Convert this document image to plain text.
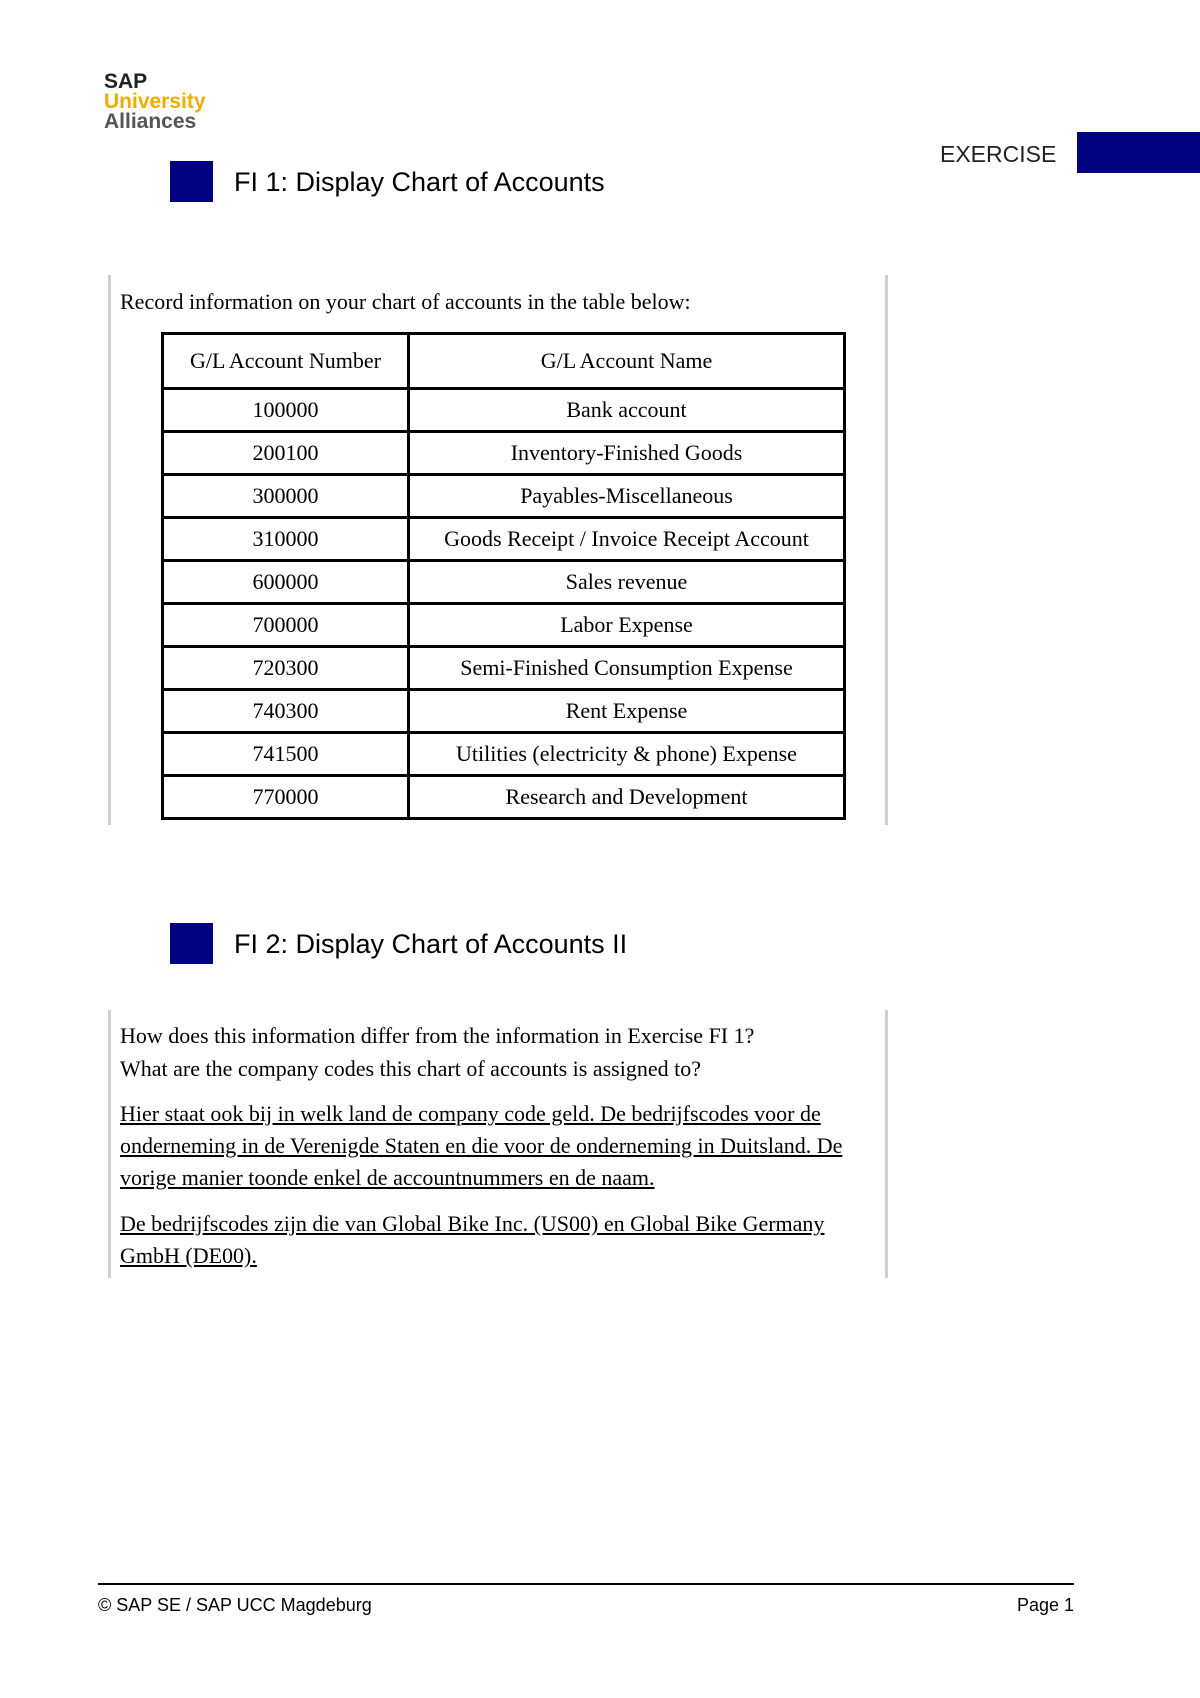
SAP
University
Alliances
EXERCISE
FI 1: Display Chart of Accounts
Record information on your chart of accounts in the table below:
G/L Account Number	G/L Account Name
100000	Bank account
200100	Inventory-Finished Goods
300000	Payables-Miscellaneous
310000	Goods Receipt / Invoice Receipt Account
600000	Sales revenue
700000	Labor Expense
720300	Semi-Finished Consumption Expense
740300	Rent Expense
741500	Utilities (electricity & phone) Expense
770000	Research and Development
FI 2: Display Chart of Accounts II
How does this information differ from the information in Exercise FI 1?
What are the company codes this chart of accounts is assigned to?
Hier staat ook bij in welk land de company code geld. De bedrijfscodes voor de onderneming in de Verenigde Staten en die voor de onderneming in Duitsland. De vorige manier toonde enkel de accountnummers en de naam.
De bedrijfscodes zijn die van Global Bike Inc. (US00) en Global Bike Germany GmbH (DE00).
© SAP SE / SAP UCC Magdeburg	Page 1
